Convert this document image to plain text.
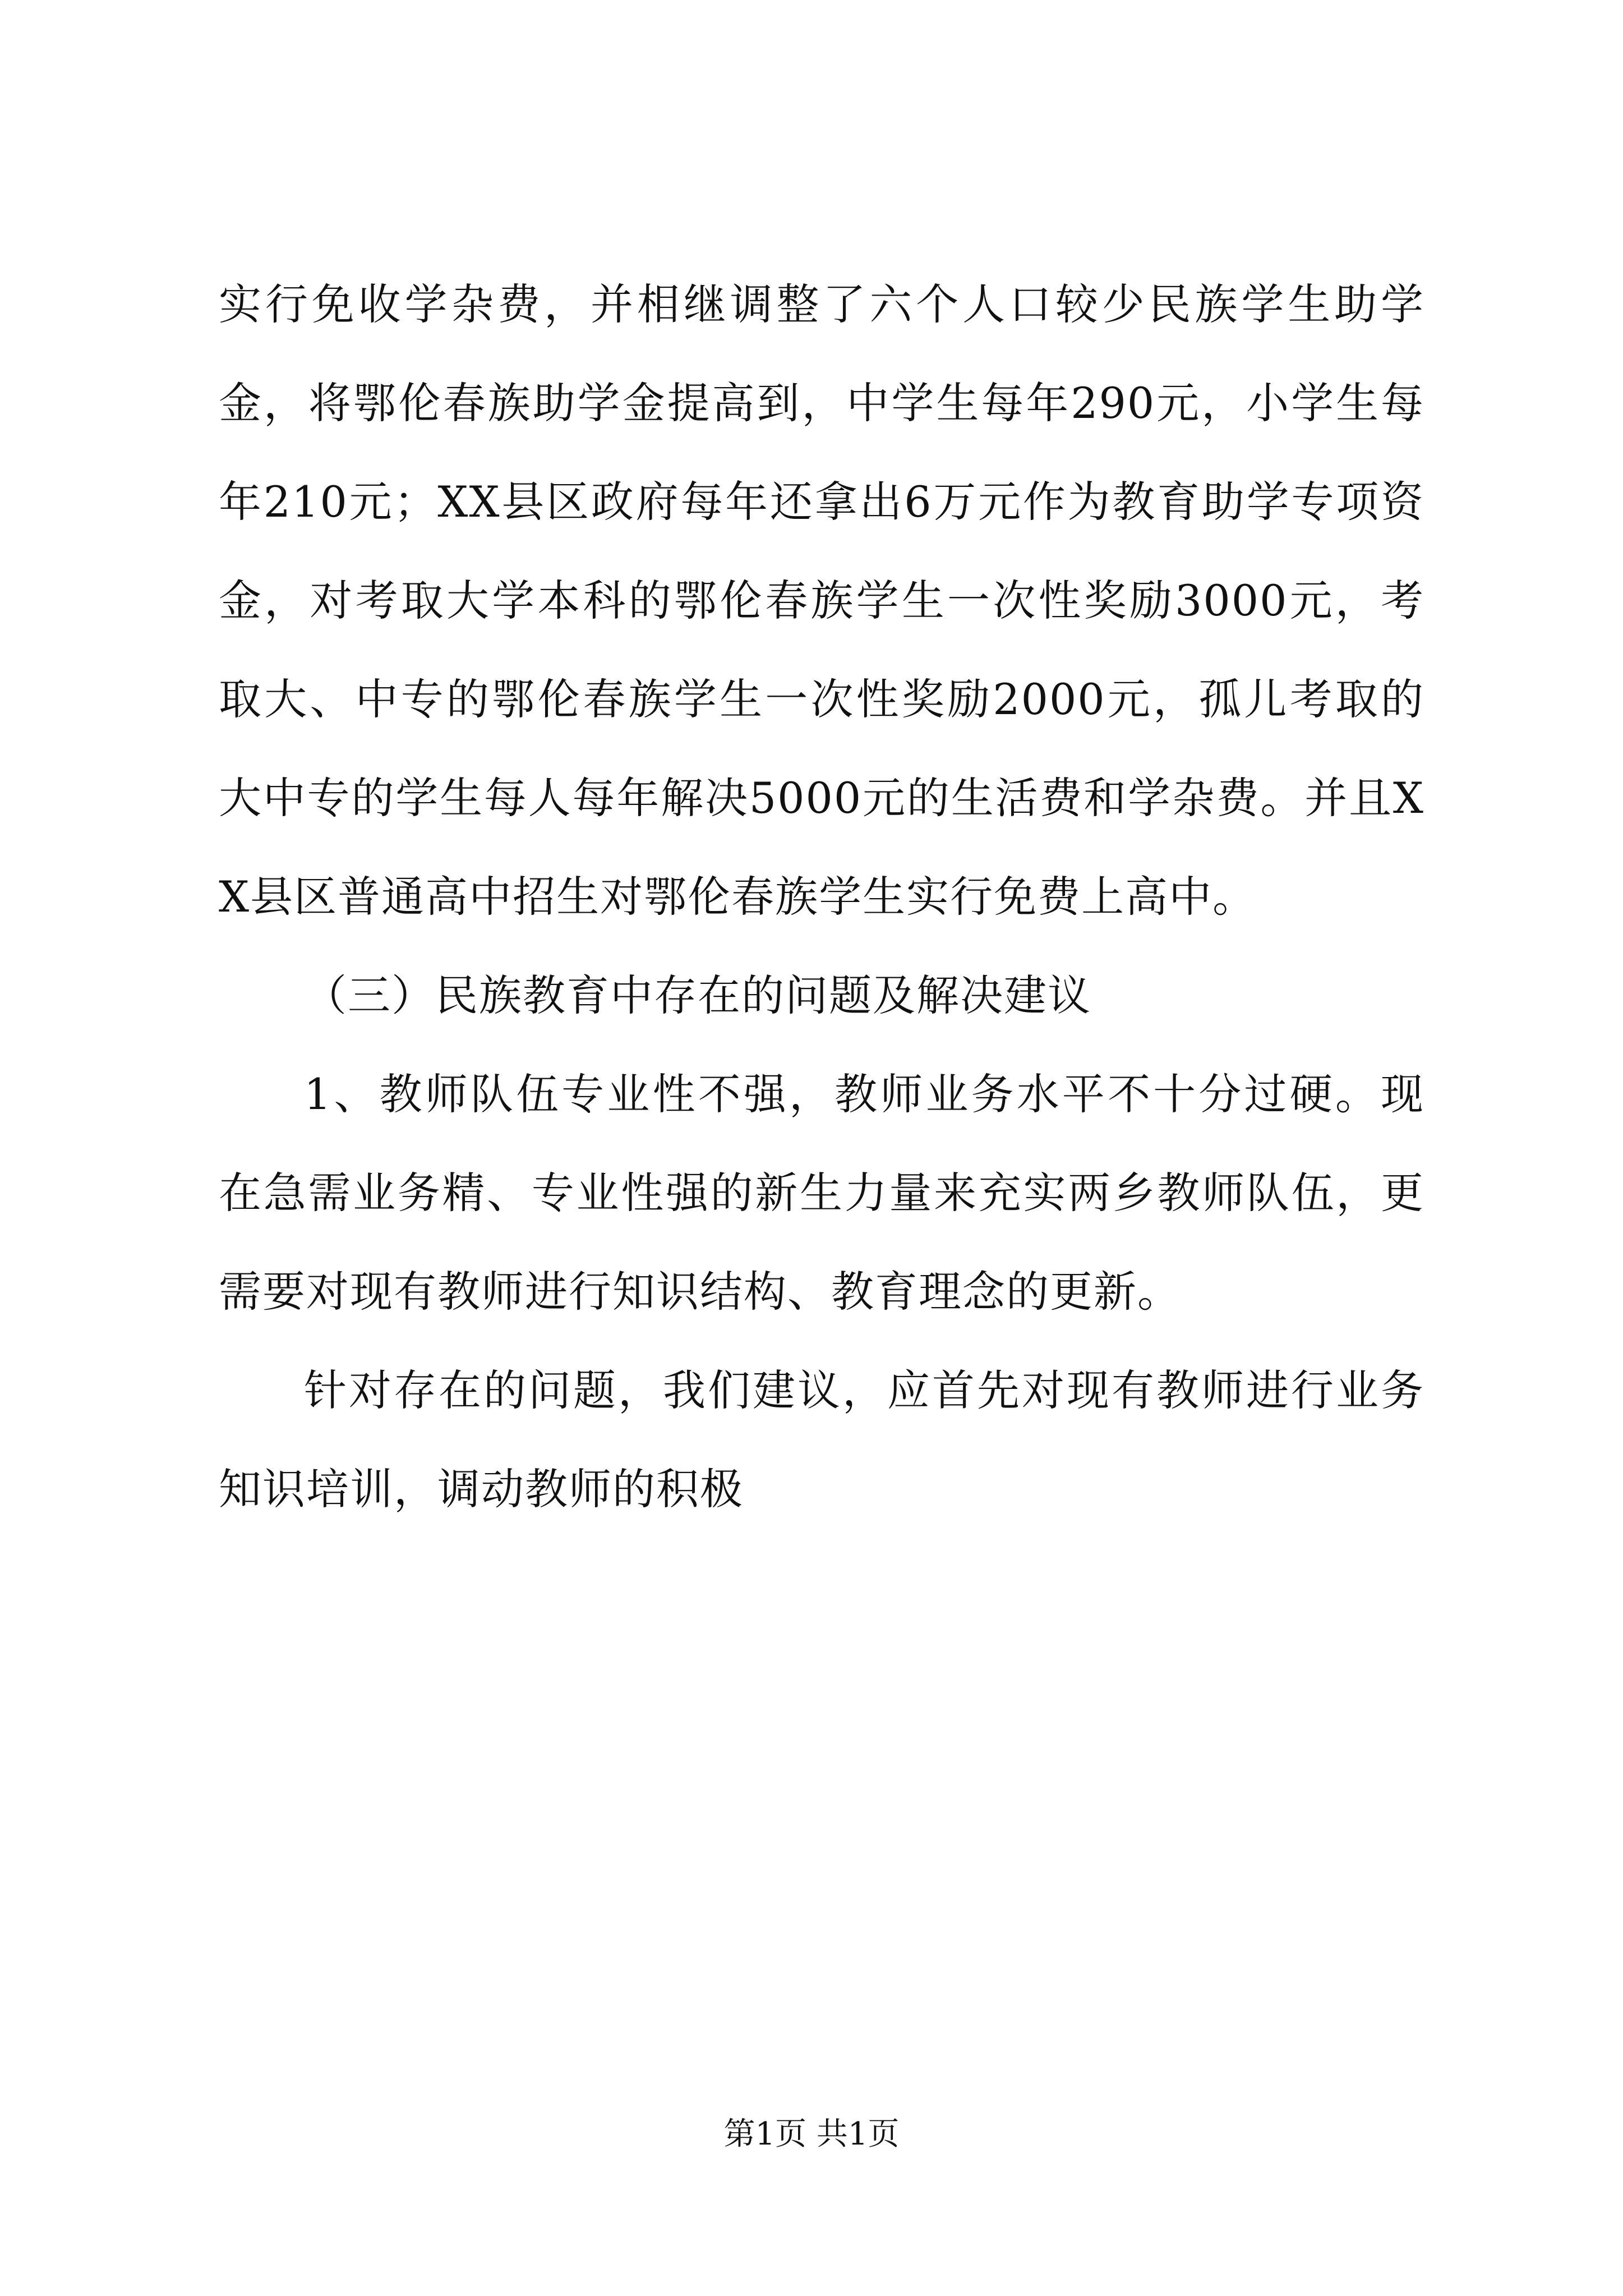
实行免收学杂费，并相继调整了六个人口较少民族学生助学金，将鄂伦春族助学金提高到，中学生每年290元，小学生每年210元；XX县区政府每年还拿出6万元作为教育助学专项资金，对考取大学本科的鄂伦春族学生一次性奖励3000元，考取大、中专的鄂伦春族学生一次性奖励2000元，孤儿考取的大中专的学生每人每年解决5000元的生活费和学杂费。并且XX县区普通高中招生对鄂伦春族学生实行免费上高中。

（三）民族教育中存在的问题及解决建议

1、教师队伍专业性不强，教师业务水平不十分过硬。现在急需业务精、专业性强的新生力量来充实两乡教师队伍，更需要对现有教师进行知识结构、教育理念的更新。

针对存在的问题，我们建议，应首先对现有教师进行业务知识培训，调动教师的积极

第1页 共1页
